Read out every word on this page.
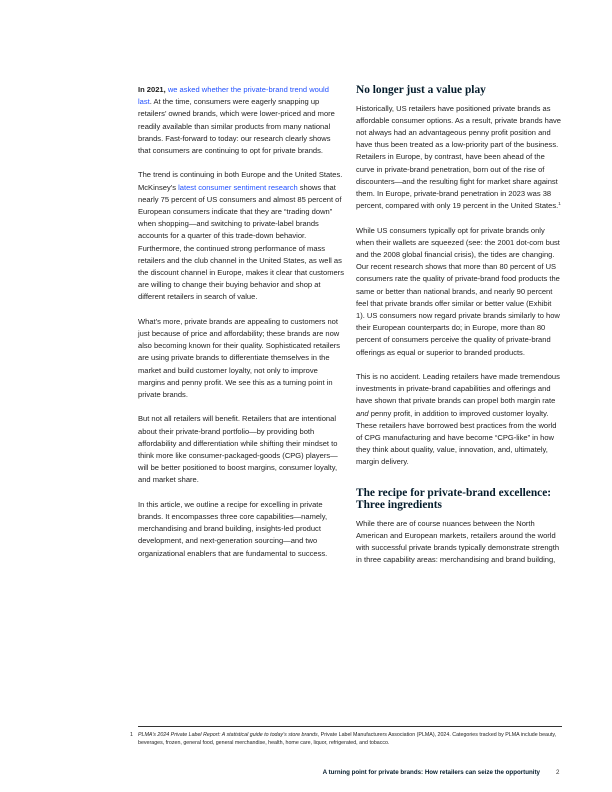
In 2021, we asked whether the private-brand trend would last. At the time, consumers were eagerly snapping up retailers’ owned brands, which were lower-priced and more readily available than similar products from many national brands. Fast-forward to today: our research clearly shows that consumers are continuing to opt for private brands.

The trend is continuing in both Europe and the United States. McKinsey’s latest consumer sentiment research shows that nearly 75 percent of US consumers and almost 85 percent of European consumers indicate that they are “trading down” when shopping—and switching to private-label brands accounts for a quarter of this trade-down behavior. Furthermore, the continued strong performance of mass retailers and the club channel in the United States, as well as the discount channel in Europe, makes it clear that customers are willing to change their buying behavior and shop at different retailers in search of value.

What’s more, private brands are appealing to customers not just because of price and affordability; these brands are now also becoming known for their quality. Sophisticated retailers are using private brands to differentiate themselves in the market and build customer loyalty, not only to improve margins and penny profit. We see this as a turning point in private brands.

But not all retailers will benefit. Retailers that are intentional about their private-brand portfolio—by providing both affordability and differentiation while shifting their mindset to think more like consumer-packaged-goods (CPG) players—will be better positioned to boost margins, consumer loyalty, and market share.

In this article, we outline a recipe for excelling in private brands. It encompasses three core capabilities—namely, merchandising and brand building, insights-led product development, and next-generation sourcing—and two organizational enablers that are fundamental to success.

No longer just a value play

Historically, US retailers have positioned private brands as affordable consumer options. As a result, private brands have not always had an advantageous penny profit position and have thus been treated as a low-priority part of the business. Retailers in Europe, by contrast, have been ahead of the curve in private-brand penetration, born out of the rise of discounters—and the resulting fight for market share against them. In Europe, private-brand penetration in 2023 was 38 percent, compared with only 19 percent in the United States.$^1$

While US consumers typically opt for private brands only when their wallets are squeezed (see: the 2001 dot-com bust and the 2008 global financial crisis), the tides are changing. Our recent research shows that more than 80 percent of US consumers rate the quality of private-brand food products the same or better than national brands, and nearly 90 percent feel that private brands offer similar or better value (Exhibit 1). US consumers now regard private brands similarly to how their European counterparts do; in Europe, more than 80 percent of consumers perceive the quality of private-brand offerings as equal or superior to branded products.

This is no accident. Leading retailers have made tremendous investments in private-brand capabilities and offerings and have shown that private brands can propel both margin rate and penny profit, in addition to improved customer loyalty. These retailers have borrowed best practices from the world of CPG manufacturing and have become “CPG-like” in how they think about quality, value, innovation, and, ultimately, margin delivery.

The recipe for private-brand excellence: Three ingredients

While there are of course nuances between the North American and European markets, retailers around the world with successful private brands typically demonstrate strength in three capability areas: merchandising and brand building,

1 PLMA’s 2024 Private Label Report: A statistical guide to today’s store brands, Private Label Manufacturers Association (PLMA), 2024. Categories tracked by PLMA include beauty, beverages, frozen, general food, general merchandise, health, home care, liquor, refrigerated, and tobacco.
A turning point for private brands: How retailers can seize the opportunity	2
